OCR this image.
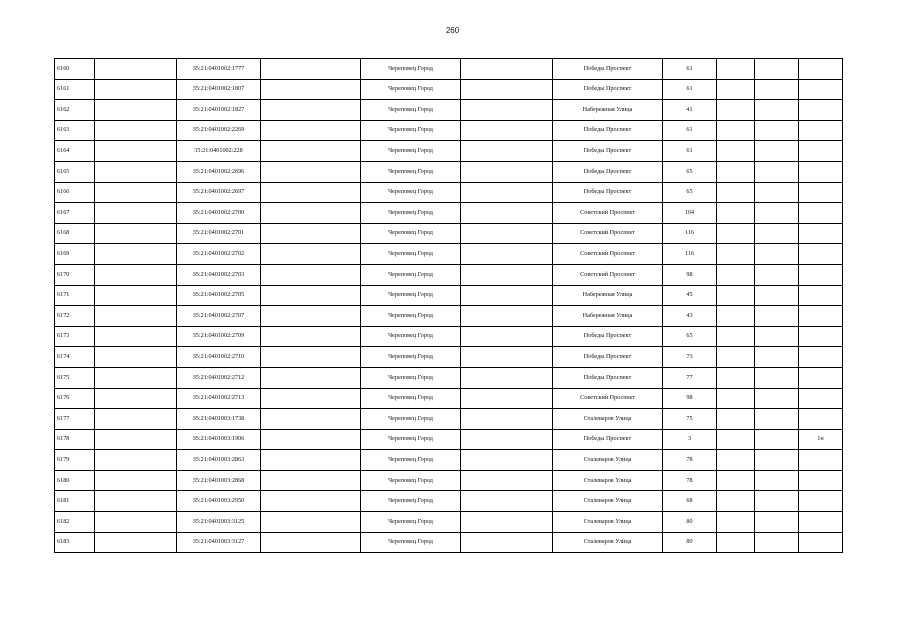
260
6160		35:21:0401002:1777		Череповец Город		Победы Проспект	61			
6161		35:21:0401002:1807		Череповец Город		Победы Проспект	61			
6162		35:21:0401002:1827		Череповец Город		Набережная Улица	41			
6163		35:21:0401002:2269		Череповец Город		Победы Проспект	61			
6164		35:21:0401002:228		Череповец Город		Победы Проспект	61			
6165		35:21:0401002:2696		Череповец Город		Победы Проспект	65			
6166		35:21:0401002:2697		Череповец Город		Победы Проспект	65			
6167		35:21:0401002:2700		Череповец Город		Советский Проспект	104			
6168		35:21:0401002:2701		Череповец Город		Советский Проспект	116			
6169		35:21:0401002:2702		Череповец Город		Советский Проспект	116			
6170		35:21:0401002:2703		Череповец Город		Советский Проспект	98			
6171		35:21:0401002:2705		Череповец Город		Набережная Улица	45			
6172		35:21:0401002:2707		Череповец Город		Набережная Улица	43			
6173		35:21:0401002:2709		Череповец Город		Победы Проспект	65			
6174		35:21:0401002:2710		Череповец Город		Победы Проспект	73			
6175		35:21:0401002:2712		Череповец Город		Победы Проспект	77			
6176		35:21:0401002:2713		Череповец Город		Советский Проспект	98			
6177		35:21:0401003:1738		Череповец Город		Сталеваров Улица	75			
6178		35:21:0401003:1906		Череповец Город		Победы Проспект	3			1н
6179		35:21:0401003:2863		Череповец Город		Сталеваров Улица	78			
6180		35:21:0401003:2868		Череповец Город		Сталеваров Улица	78			
6181		35:21:0401003:2950		Череповец Город		Сталеваров Улица	68			
6182		35:21:0401003:3125		Череповец Город		Сталеваров Улица	80			
6183		35:21:0401003:3127		Череповец Город		Сталеваров Улица	80			
